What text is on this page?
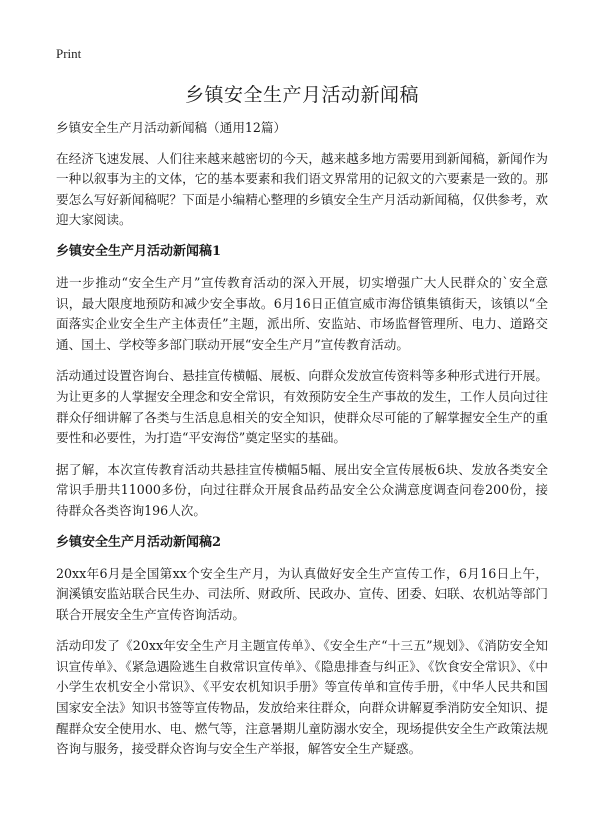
Print
乡镇安全生产月活动新闻稿

乡镇安全生产月活动新闻稿（通用12篇）

在经济飞速发展、人们往来越来越密切的今天，越来越多地方需要用到新闻稿，新闻作为一种以叙事为主的文体，它的基本要素和我们语文界常用的记叙文的六要素是一致的。那要怎么写好新闻稿呢？下面是小编精心整理的乡镇安全生产月活动新闻稿，仅供参考，欢迎大家阅读。

乡镇安全生产月活动新闻稿1

进一步推动“安全生产月”宣传教育活动的深入开展，切实增强广大人民群众的`安全意识，最大限度地预防和减少安全事故。6月16日正值宣威市海岱镇集镇街天，该镇以“全面落实企业安全生产主体责任”主题，派出所、安监站、市场监督管理所、电力、道路交通、国土、学校等多部门联动开展“安全生产月”宣传教育活动。

活动通过设置咨询台、悬挂宣传横幅、展板、向群众发放宣传资料等多种形式进行开展。为让更多的人掌握安全理念和安全常识，有效预防安全生产事故的发生，工作人员向过往群众仔细讲解了各类与生活息息相关的安全知识，使群众尽可能的了解掌握安全生产的重要性和必要性，为打造“平安海岱”奠定坚实的基础。

据了解，本次宣传教育活动共悬挂宣传横幅5幅、展出安全宣传展板6块、发放各类安全常识手册共11000多份，向过往群众开展食品药品安全公众满意度调查问卷200份，接待群众各类咨询196人次。

乡镇安全生产月活动新闻稿2

20xx年6月是全国第xx个安全生产月，为认真做好安全生产宣传工作，6月16日上午，涧溪镇安监站联合民生办、司法所、财政所、民政办、宣传、团委、妇联、农机站等部门联合开展安全生产宣传咨询活动。

活动印发了《20xx年安全生产月主题宣传单》、《安全生产“十三五”规划》、《消防安全知识宣传单》、《紧急遇险逃生自救常识宣传单》、《隐患排查与纠正》、《饮食安全常识》、《中小学生农机安全小常识》、《平安农机知识手册》等宣传单和宣传手册，《中华人民共和国国家安全法》知识书签等宣传物品，发放给来往群众，向群众讲解夏季消防安全知识、提醒群众安全使用水、电、燃气等，注意暑期儿童防溺水安全，现场提供安全生产政策法规咨询与服务，接受群众咨询与安全生产举报，解答安全生产疑惑。
